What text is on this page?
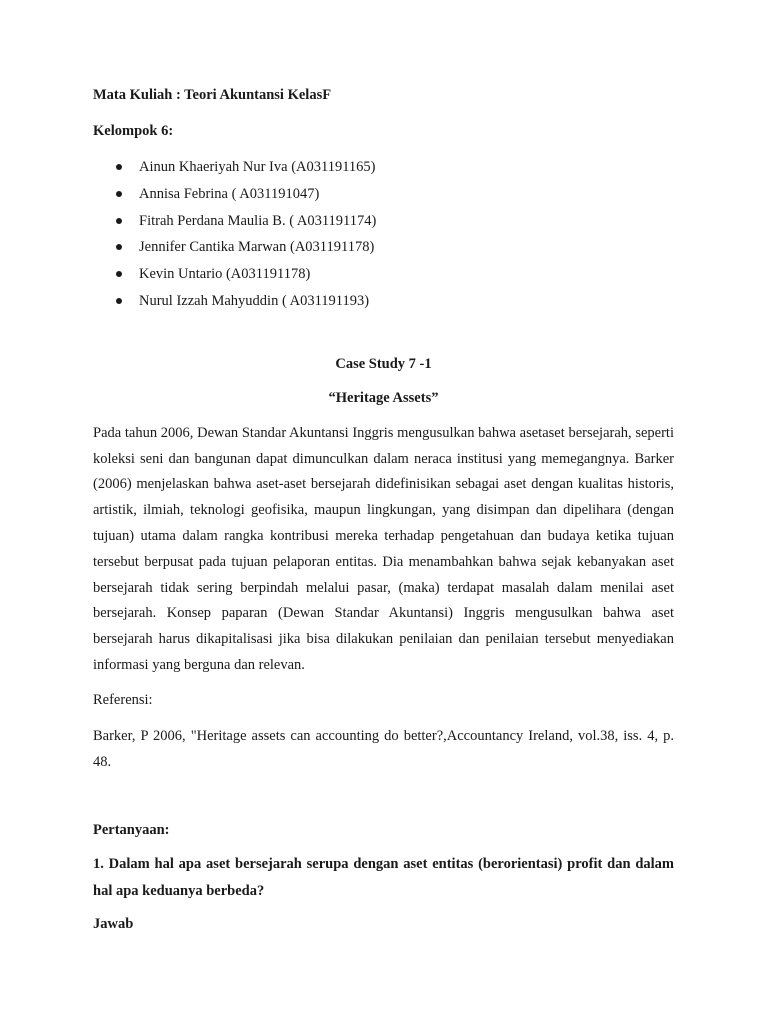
Mata Kuliah : Teori Akuntansi KelasF

Kelompok 6:

Ainun Khaeriyah Nur Iva (A031191165)
Annisa Febrina ( A031191047)
Fitrah Perdana Maulia B. ( A031191174)
Jennifer Cantika Marwan (A031191178)
Kevin Untario (A031191178)
Nurul Izzah Mahyuddin ( A031191193)

Case Study 7 -1

“Heritage Assets”

Pada tahun 2006, Dewan Standar Akuntansi Inggris mengusulkan bahwa asetaset bersejarah, seperti koleksi seni dan bangunan dapat dimunculkan dalam neraca institusi yang memegangnya. Barker (2006) menjelaskan bahwa aset-aset bersejarah didefinisikan sebagai aset dengan kualitas historis, artistik, ilmiah, teknologi geofisika, maupun lingkungan, yang disimpan dan dipelihara (dengan tujuan) utama dalam rangka kontribusi mereka terhadap pengetahuan dan budaya ketika tujuan tersebut berpusat pada tujuan pelaporan entitas. Dia menambahkan bahwa sejak kebanyakan aset bersejarah tidak sering berpindah melalui pasar, (maka) terdapat masalah dalam menilai aset bersejarah. Konsep paparan (Dewan Standar Akuntansi) Inggris mengusulkan bahwa aset bersejarah harus dikapitalisasi jika bisa dilakukan penilaian dan penilaian tersebut menyediakan informasi yang berguna dan relevan.

Referensi:

Barker, P 2006, "Heritage assets can accounting do better?,Accountancy Ireland, vol.38, iss. 4, p. 48.

Pertanyaan:

1. Dalam hal apa aset bersejarah serupa dengan aset entitas (berorientasi) profit dan dalam hal apa keduanya berbeda?

Jawab
